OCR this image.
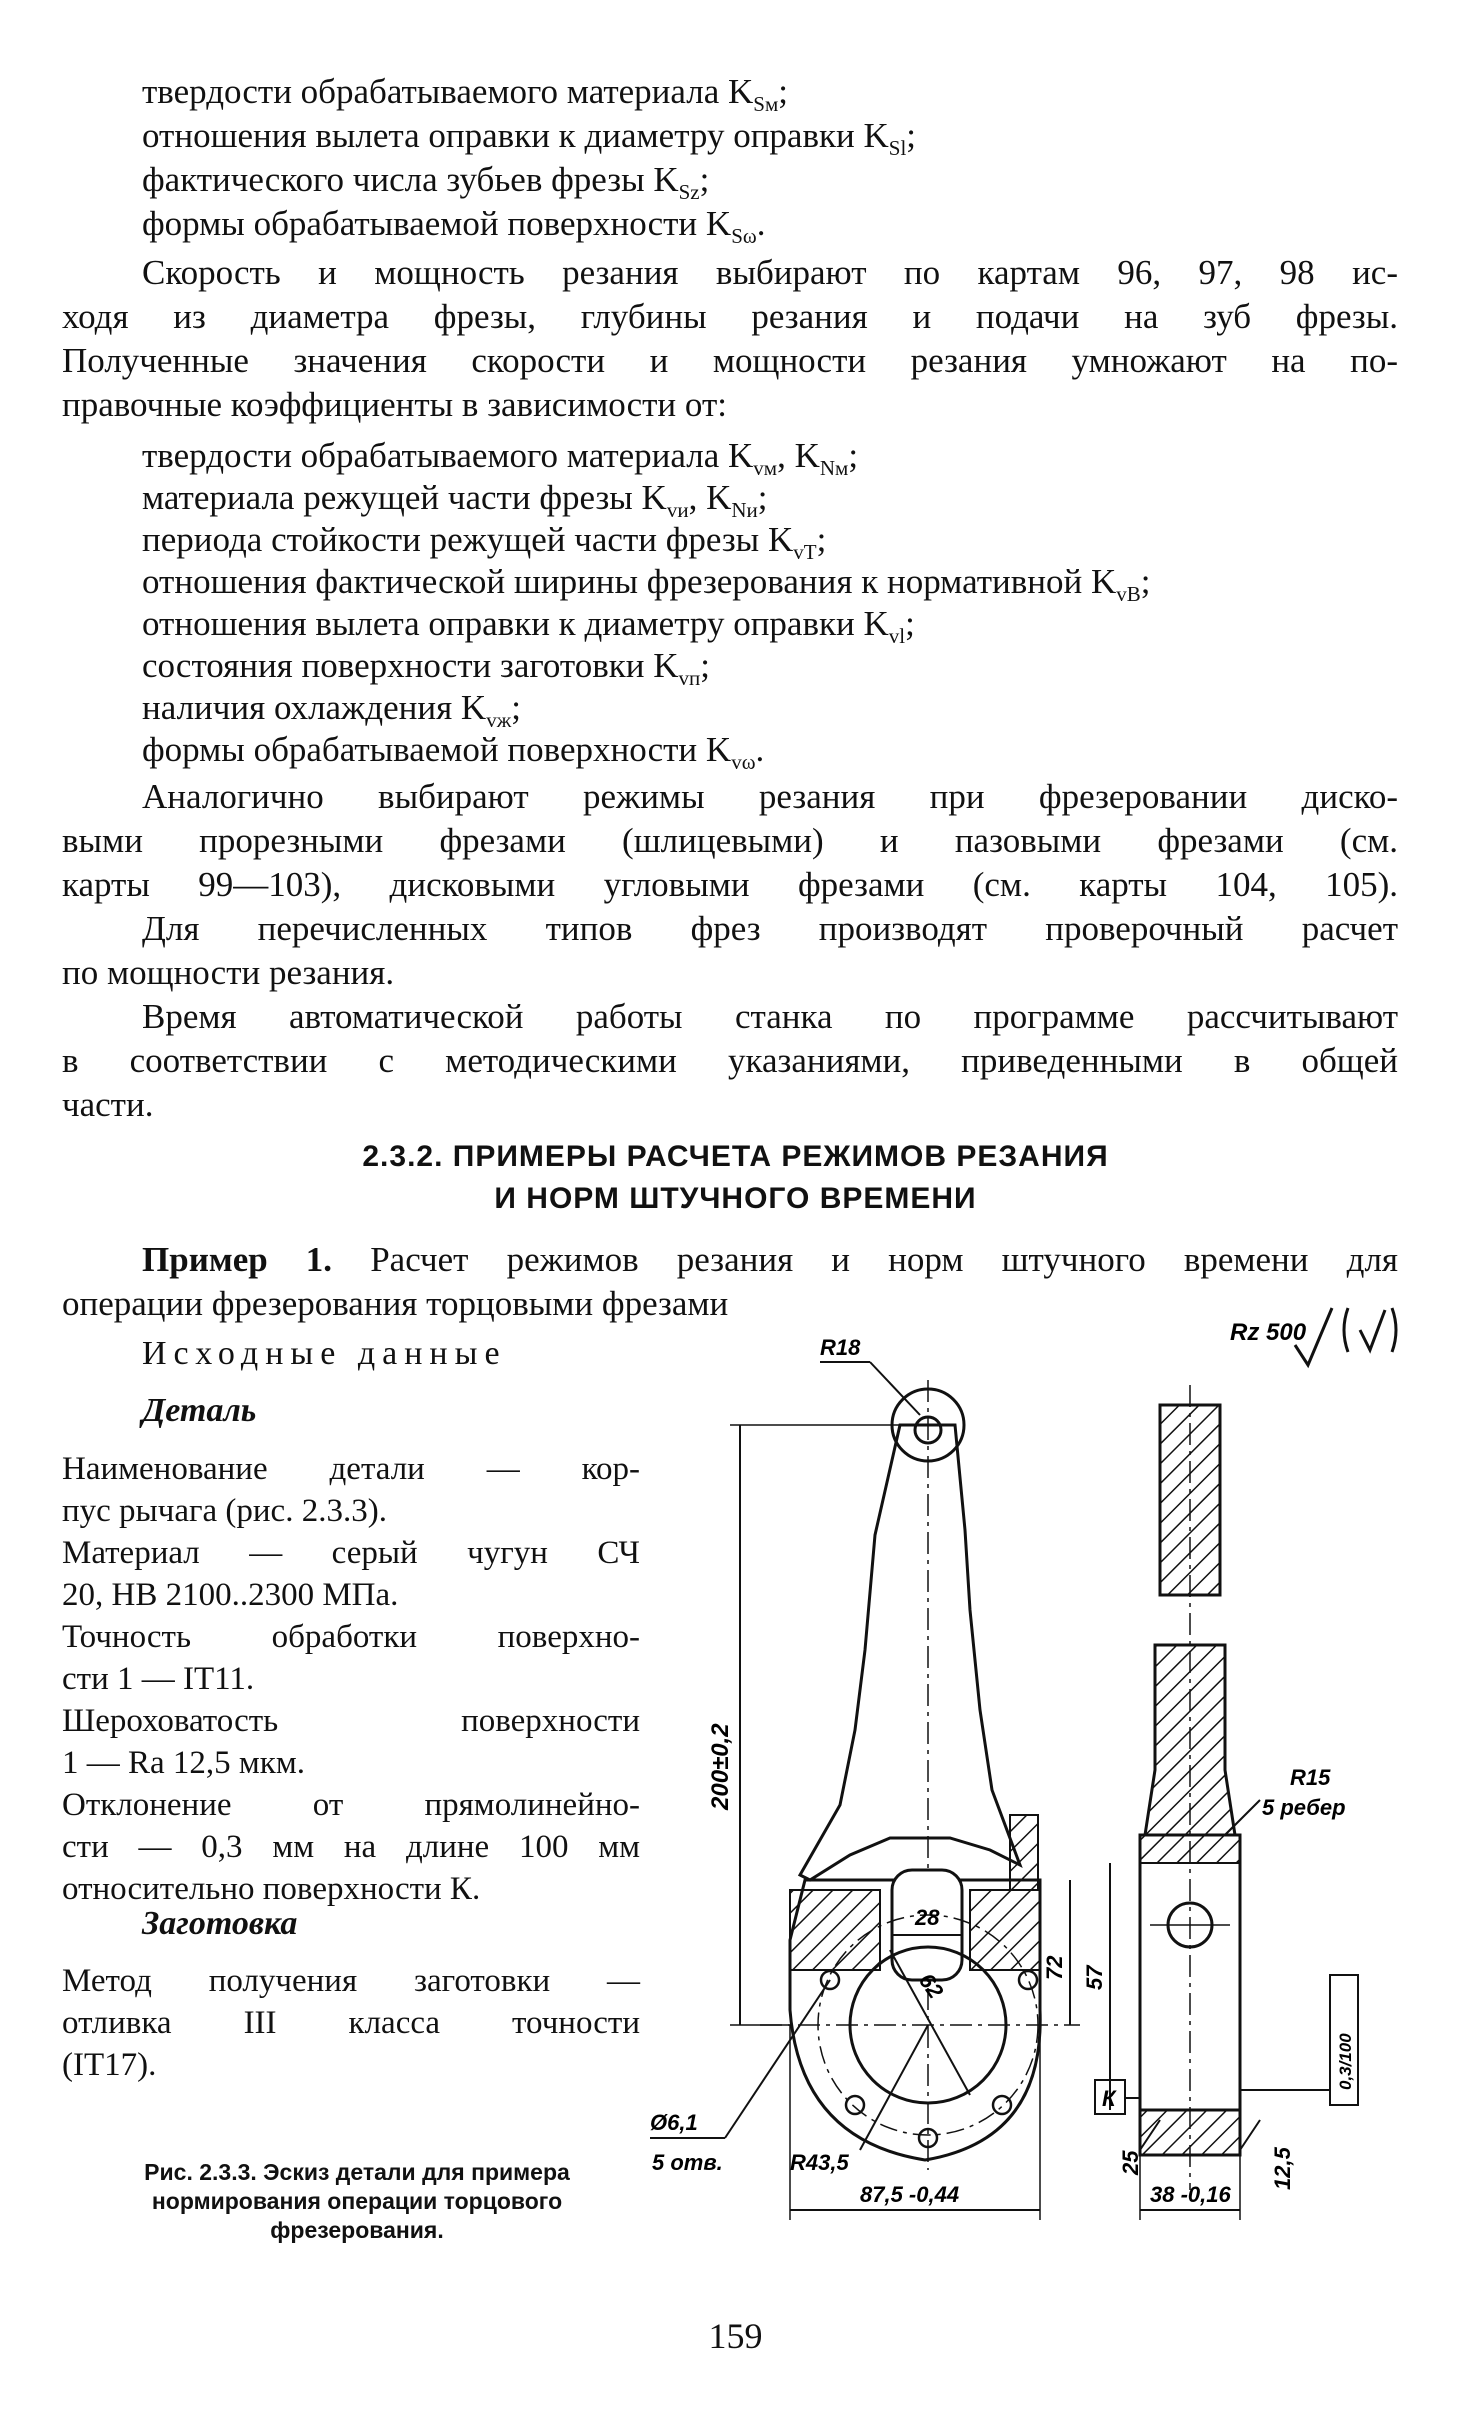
твердости обрабатываемого материала $K_{Sм}$;
отношения вылета оправки к диаметру оправки $K_{Sl}$;
фактического числа зубьев фрезы $K_{Sz}$;
формы обрабатываемой поверхности $K_{S\omega}$.
Скорость и мощность резания выбирают по картам 96, 97, 98 ис-
ходя из диаметра фрезы, глубины резания и подачи на зуб фрезы.
Полученные значения скорости и мощности резания умножают на по-
правочные коэффициенты в зависимости от:
твердости обрабатываемого материала $K_{vм}$, $K_{Nм}$;
материала режущей части фрезы $K_{vи}$, $K_{Nи}$;
периода стойкости режущей части фрезы $K_{vT}$;
отношения фактической ширины фрезерования к нормативной $K_{vB}$;
отношения вылета оправки к диаметру оправки $K_{vl}$;
состояния поверхности заготовки $K_{vп}$;
наличия охлаждения $K_{vж}$;
формы обрабатываемой поверхности $K_{v\omega}$.
Аналогично выбирают режимы резания при фрезеровании диско-
выми прорезными фрезами (шлицевыми) и пазовыми фрезами (см.
карты 99—103), дисковыми угловыми фрезами (см. карты 104, 105).
Для перечисленных типов фрез производят проверочный расчет
по мощности резания.
Время автоматической работы станка по программе рассчитывают
в соответствии с методическими указаниями, приведенными в общей
части.
2.3.2. ПРИМЕРЫ РАСЧЕТА РЕЖИМОВ РЕЗАНИЯ
И НОРМ ШТУЧНОГО ВРЕМЕНИ
Пример 1. Расчет режимов резания и норм штучного времени для
операции фрезерования торцовыми фрезами
Исходные данные
Деталь
Наименование детали — кор-
пус рычага (рис. 2.3.3).
Материал — серый чугун СЧ
20, НВ 2100..2300 МПа.
Точность обработки поверхно-
сти 1 — IT11.
Шероховатость поверхности
1 — Ra 12,5 мкм.
Отклонение от прямолинейно-
сти — 0,3 мм на длине 100 мм
относительно поверхности К.
Заготовка
Метод получения заготовки —
отливка III класса точности
(IT17).
Рис. 2.3.3. Эскиз детали для примера
нормирования операции торцового
фрезерования.
Rz 500
R18
62
28
200±0,2
72
Ø6,1
5 отв.	R43,5
87,5 -0,44
R15
5 ребер
57
0,3/100
К
25	12,5
38 -0,16
159
